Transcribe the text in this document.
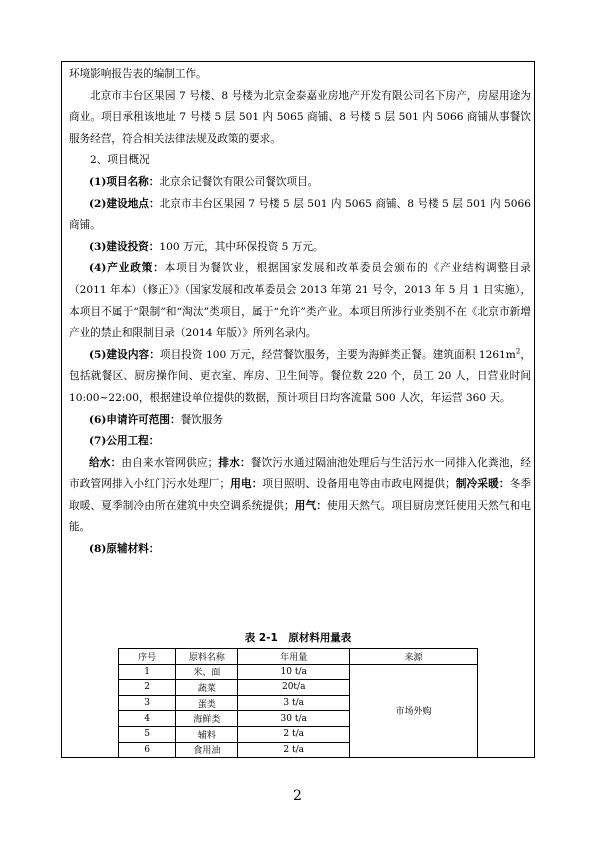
环境影响报告表的编制工作。

北京市丰台区果园 7 号楼、8 号楼为北京金泰嘉业房地产开发有限公司名下房产，房屋用途为商业。项目承租该地址 7 号楼 5 层 501 内 5065 商铺、8 号楼 5 层 501 内 5066 商铺从事餐饮服务经营，符合相关法律法规及政策的要求。

2、项目概况

(1)项目名称：北京余记餐饮有限公司餐饮项目。

(2)建设地点：北京市丰台区果园 7 号楼 5 层 501 内 5065 商铺、8 号楼 5 层 501 内 5066 商铺。

(3)建设投资：100 万元，其中环保投资 5 万元。

(4)产业政策：本项目为餐饮业，根据国家发展和改革委员会颁布的《产业结构调整目录（2011 年本）（修正）》（国家发展和改革委员会 2013 年第 21 号令，2013 年 5 月 1 日实施），本项目不属于“限制”和“淘汰”类项目，属于“允许”类产业。本项目所涉行业类别不在《北京市新增产业的禁止和限制目录（2014 年版）》所列名录内。

(5)建设内容：项目投资 100 万元，经营餐饮服务，主要为海鲜类正餐。建筑面积 $1261m^2$，包括就餐区、厨房操作间、更衣室、库房、卫生间等。餐位数 220 个，员工 20 人，日营业时间 10:00~22:00，根据建设单位提供的数据，预计项目日均客流量 500 人次，年运营 360 天。

(6)申请许可范围：餐饮服务

(7)公用工程：

给水：由自来水管网供应；排水：餐饮污水通过隔油池处理后与生活污水一同排入化粪池，经市政管网排入小红门污水处理厂；用电：项目照明、设备用电等由市政电网提供；制冷采暖：冬季取暖、夏季制冷由所在建筑中央空调系统提供；用气：使用天然气。项目厨房烹饪使用天然气和电能。

(8)原辅材料：

表 2-1　原材料用量表
序号	原料名称	年用量	来源
1	米、面	10 t/a	市场外购
2	蔬菜	20t/a	
3	蛋类	3 t/a	
4	海鲜类	30 t/a	
5	辅料	2 t/a	
6	食用油	2 t/a	
2
